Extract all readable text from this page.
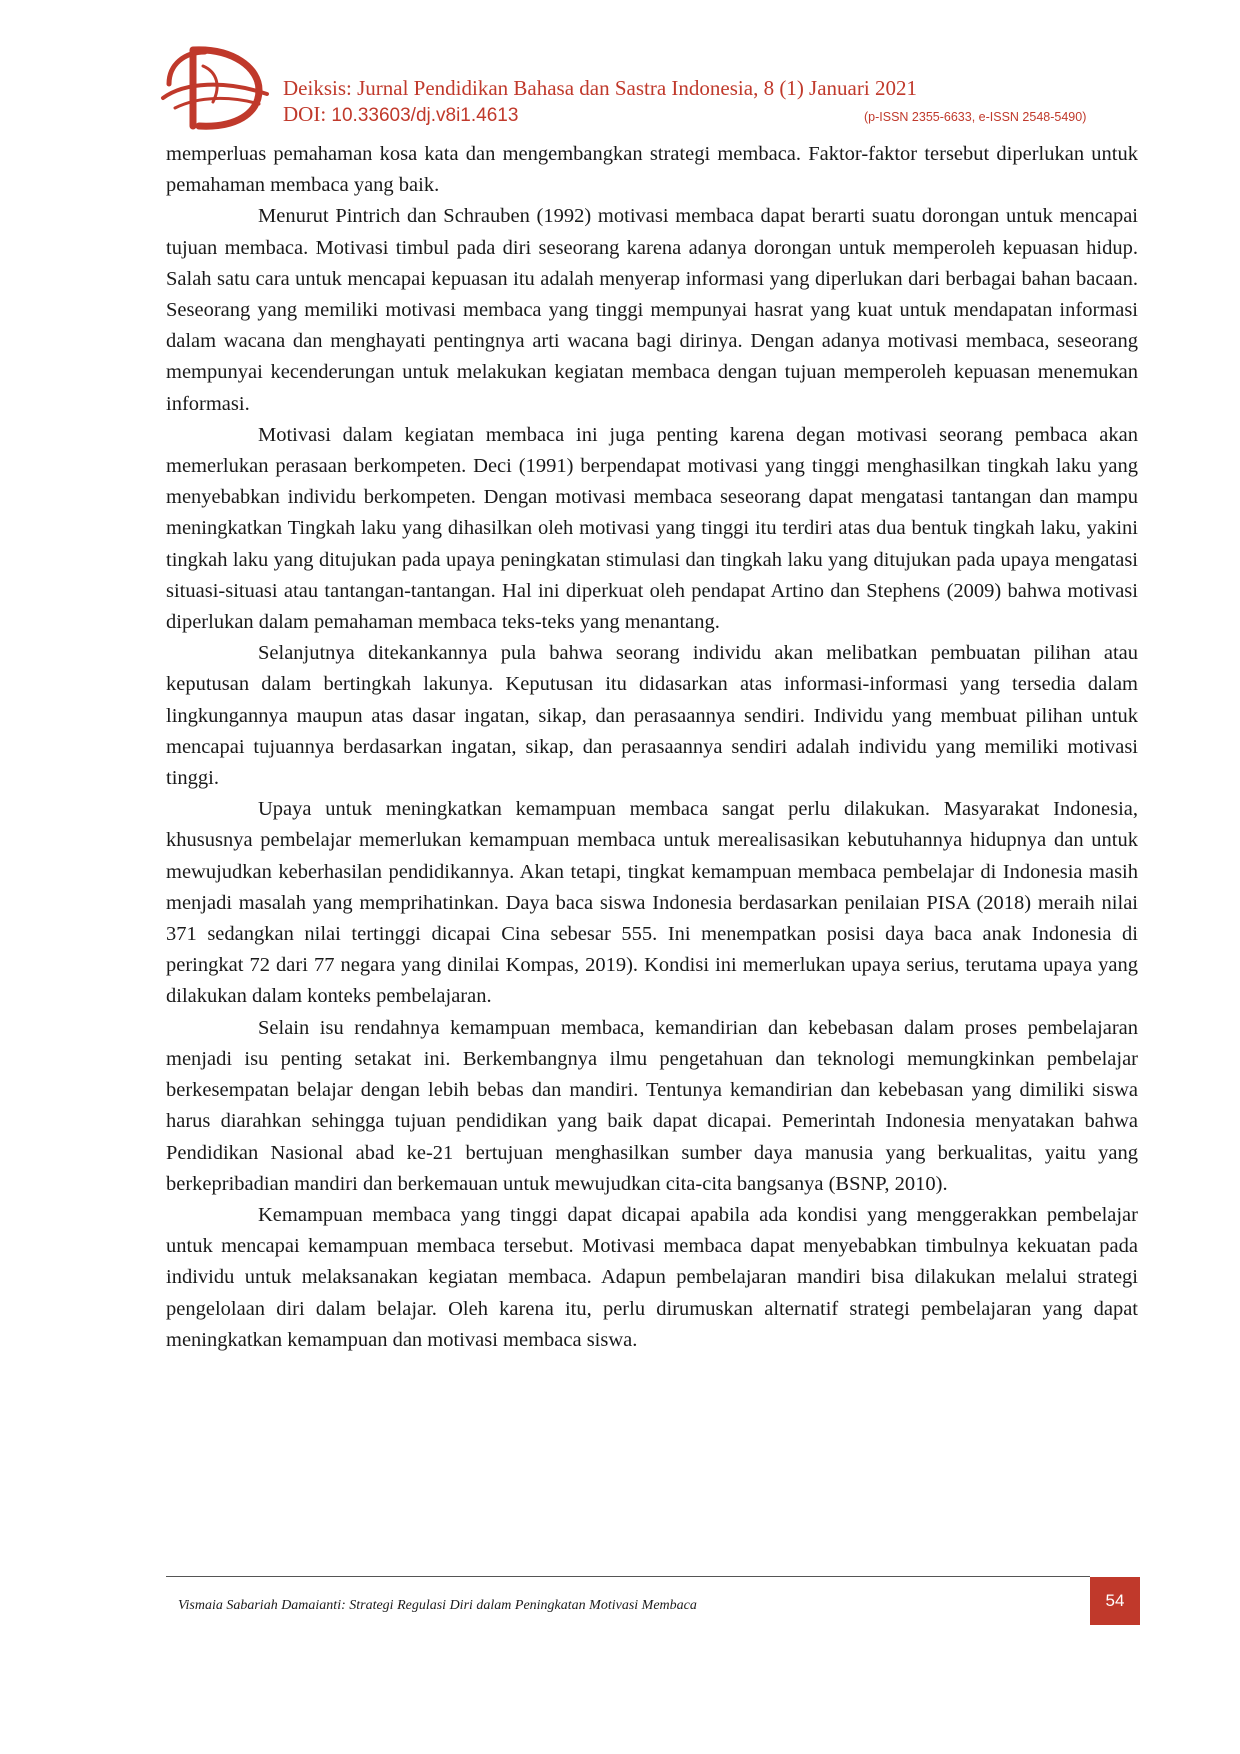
Deiksis: Jurnal Pendidikan Bahasa dan Sastra Indonesia, 8 (1) Januari 2021
DOI: 10.33603/dj.v8i1.4613	(p-ISSN 2355-6633, e-ISSN 2548-5490)

memperluas pemahaman kosa kata dan mengembangkan strategi membaca. Faktor-faktor tersebut diperlukan untuk pemahaman membaca yang baik.

Menurut Pintrich dan Schrauben (1992) motivasi membaca dapat berarti suatu dorongan untuk mencapai tujuan membaca. Motivasi timbul pada diri seseorang karena adanya dorongan untuk memperoleh kepuasan hidup. Salah satu cara untuk mencapai kepuasan itu adalah menyerap informasi yang diperlukan dari berbagai bahan bacaan. Seseorang yang memiliki motivasi membaca yang tinggi mempunyai hasrat yang kuat untuk mendapatan informasi dalam wacana dan menghayati pentingnya arti wacana bagi dirinya. Dengan adanya motivasi membaca, seseorang mempunyai kecenderungan untuk melakukan kegiatan membaca dengan tujuan memperoleh kepuasan menemukan informasi.

Motivasi dalam kegiatan membaca ini juga penting karena degan motivasi seorang pembaca akan memerlukan perasaan berkompeten. Deci (1991) berpendapat motivasi yang tinggi menghasilkan tingkah laku yang menyebabkan individu berkompeten. Dengan motivasi membaca seseorang dapat mengatasi tantangan dan mampu meningkatkan Tingkah laku yang dihasilkan oleh motivasi yang tinggi itu terdiri atas dua bentuk tingkah laku, yakini tingkah laku yang ditujukan pada upaya peningkatan stimulasi dan tingkah laku yang ditujukan pada upaya mengatasi situasi-situasi atau tantangan-tantangan. Hal ini diperkuat oleh pendapat Artino dan Stephens (2009) bahwa motivasi diperlukan dalam pemahaman membaca teks-teks yang menantang.

Selanjutnya ditekankannya pula bahwa seorang individu akan melibatkan pembuatan pilihan atau keputusan dalam bertingkah lakunya. Keputusan itu didasarkan atas informasi-informasi yang tersedia dalam lingkungannya maupun atas dasar ingatan, sikap, dan perasaannya sendiri. Individu yang membuat pilihan untuk mencapai tujuannya berdasarkan ingatan, sikap, dan perasaannya sendiri adalah individu yang memiliki motivasi tinggi.

Upaya untuk meningkatkan kemampuan membaca sangat perlu dilakukan. Masyarakat Indonesia, khususnya pembelajar memerlukan kemampuan membaca untuk merealisasikan kebutuhannya hidupnya dan untuk mewujudkan keberhasilan pendidikannya. Akan tetapi, tingkat kemampuan membaca pembelajar di Indonesia masih menjadi masalah yang memprihatinkan. Daya baca siswa Indonesia berdasarkan penilaian PISA (2018) meraih nilai 371 sedangkan nilai tertinggi dicapai Cina sebesar 555. Ini menempatkan posisi daya baca anak Indonesia di peringkat 72 dari 77 negara yang dinilai Kompas, 2019). Kondisi ini memerlukan upaya serius, terutama upaya yang dilakukan dalam konteks pembelajaran.

Selain isu rendahnya kemampuan membaca, kemandirian dan kebebasan dalam proses pembelajaran menjadi isu penting setakat ini. Berkembangnya ilmu pengetahuan dan teknologi memungkinkan pembelajar berkesempatan belajar dengan lebih bebas dan mandiri. Tentunya kemandirian dan kebebasan yang dimiliki siswa harus diarahkan sehingga tujuan pendidikan yang baik dapat dicapai. Pemerintah Indonesia menyatakan bahwa Pendidikan Nasional abad ke-21 bertujuan menghasilkan sumber daya manusia yang berkualitas, yaitu yang berkepribadian mandiri dan berkemauan untuk mewujudkan cita-cita bangsanya (BSNP, 2010).

Kemampuan membaca yang tinggi dapat dicapai apabila ada kondisi yang menggerakkan pembelajar untuk mencapai kemampuan membaca tersebut. Motivasi membaca dapat menyebabkan timbulnya kekuatan pada individu untuk melaksanakan kegiatan membaca. Adapun pembelajaran mandiri bisa dilakukan melalui strategi pengelolaan diri dalam belajar. Oleh karena itu, perlu dirumuskan alternatif strategi pembelajaran yang dapat meningkatkan kemampuan dan motivasi membaca siswa.

Vismaia Sabariah Damaianti: Strategi Regulasi Diri dalam Peningkatan Motivasi Membaca	54
